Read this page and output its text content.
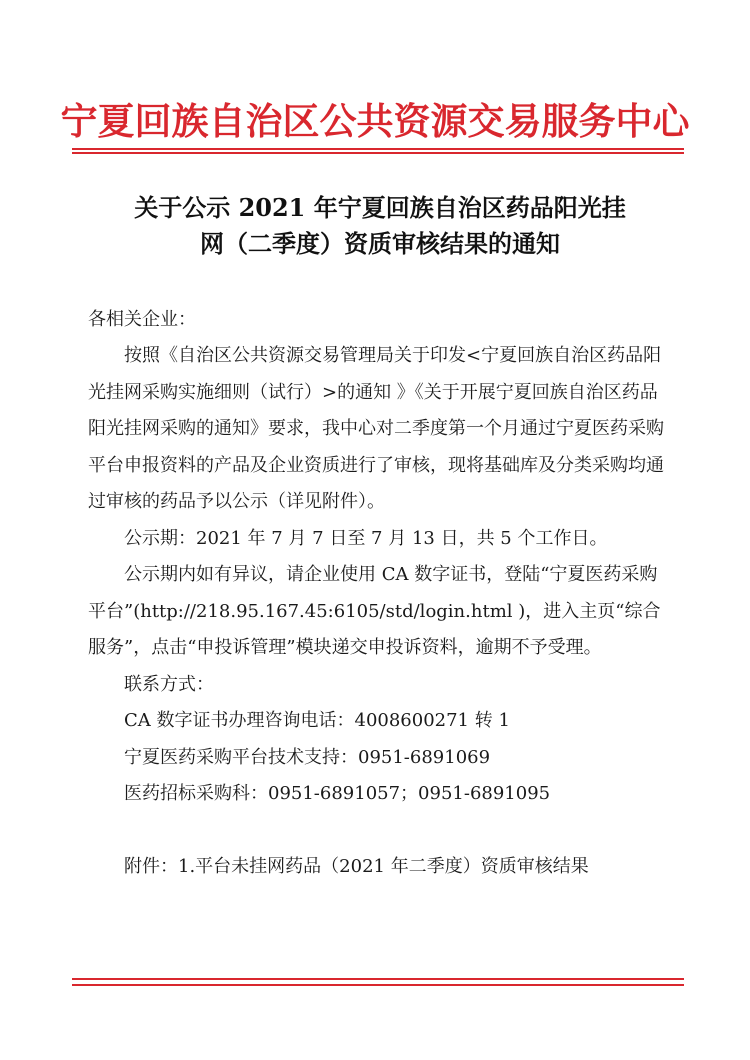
宁夏回族自治区公共资源交易服务中心
关于公示 2021 年宁夏回族自治区药品阳光挂
网（二季度）资质审核结果的通知

各相关企业：

按照《自治区公共资源交易管理局关于印发<宁夏回族自治区药品阳光挂网采购实施细则（试行）>的通知 》《关于开展宁夏回族自治区药品阳光挂网采购的通知》要求，我中心对二季度第一个月通过宁夏医药采购平台申报资料的产品及企业资质进行了审核，现将基础库及分类采购均通过审核的药品予以公示（详见附件）。

公示期：2021 年 7 月 7 日至 7 月 13 日，共 5 个工作日。

公示期内如有异议，请企业使用 CA 数字证书，登陆“宁夏医药采购平台”(http://218.95.167.45:6105/std/login.html )，进入主页“综合服务”，点击“申投诉管理”模块递交申投诉资料，逾期不予受理。

联系方式：

CA 数字证书办理咨询电话：4008600271 转 1

宁夏医药采购平台技术支持：0951-6891069

医药招标采购科：0951-6891057；0951-6891095

附件：1.平台未挂网药品（2021 年二季度）资质审核结果
